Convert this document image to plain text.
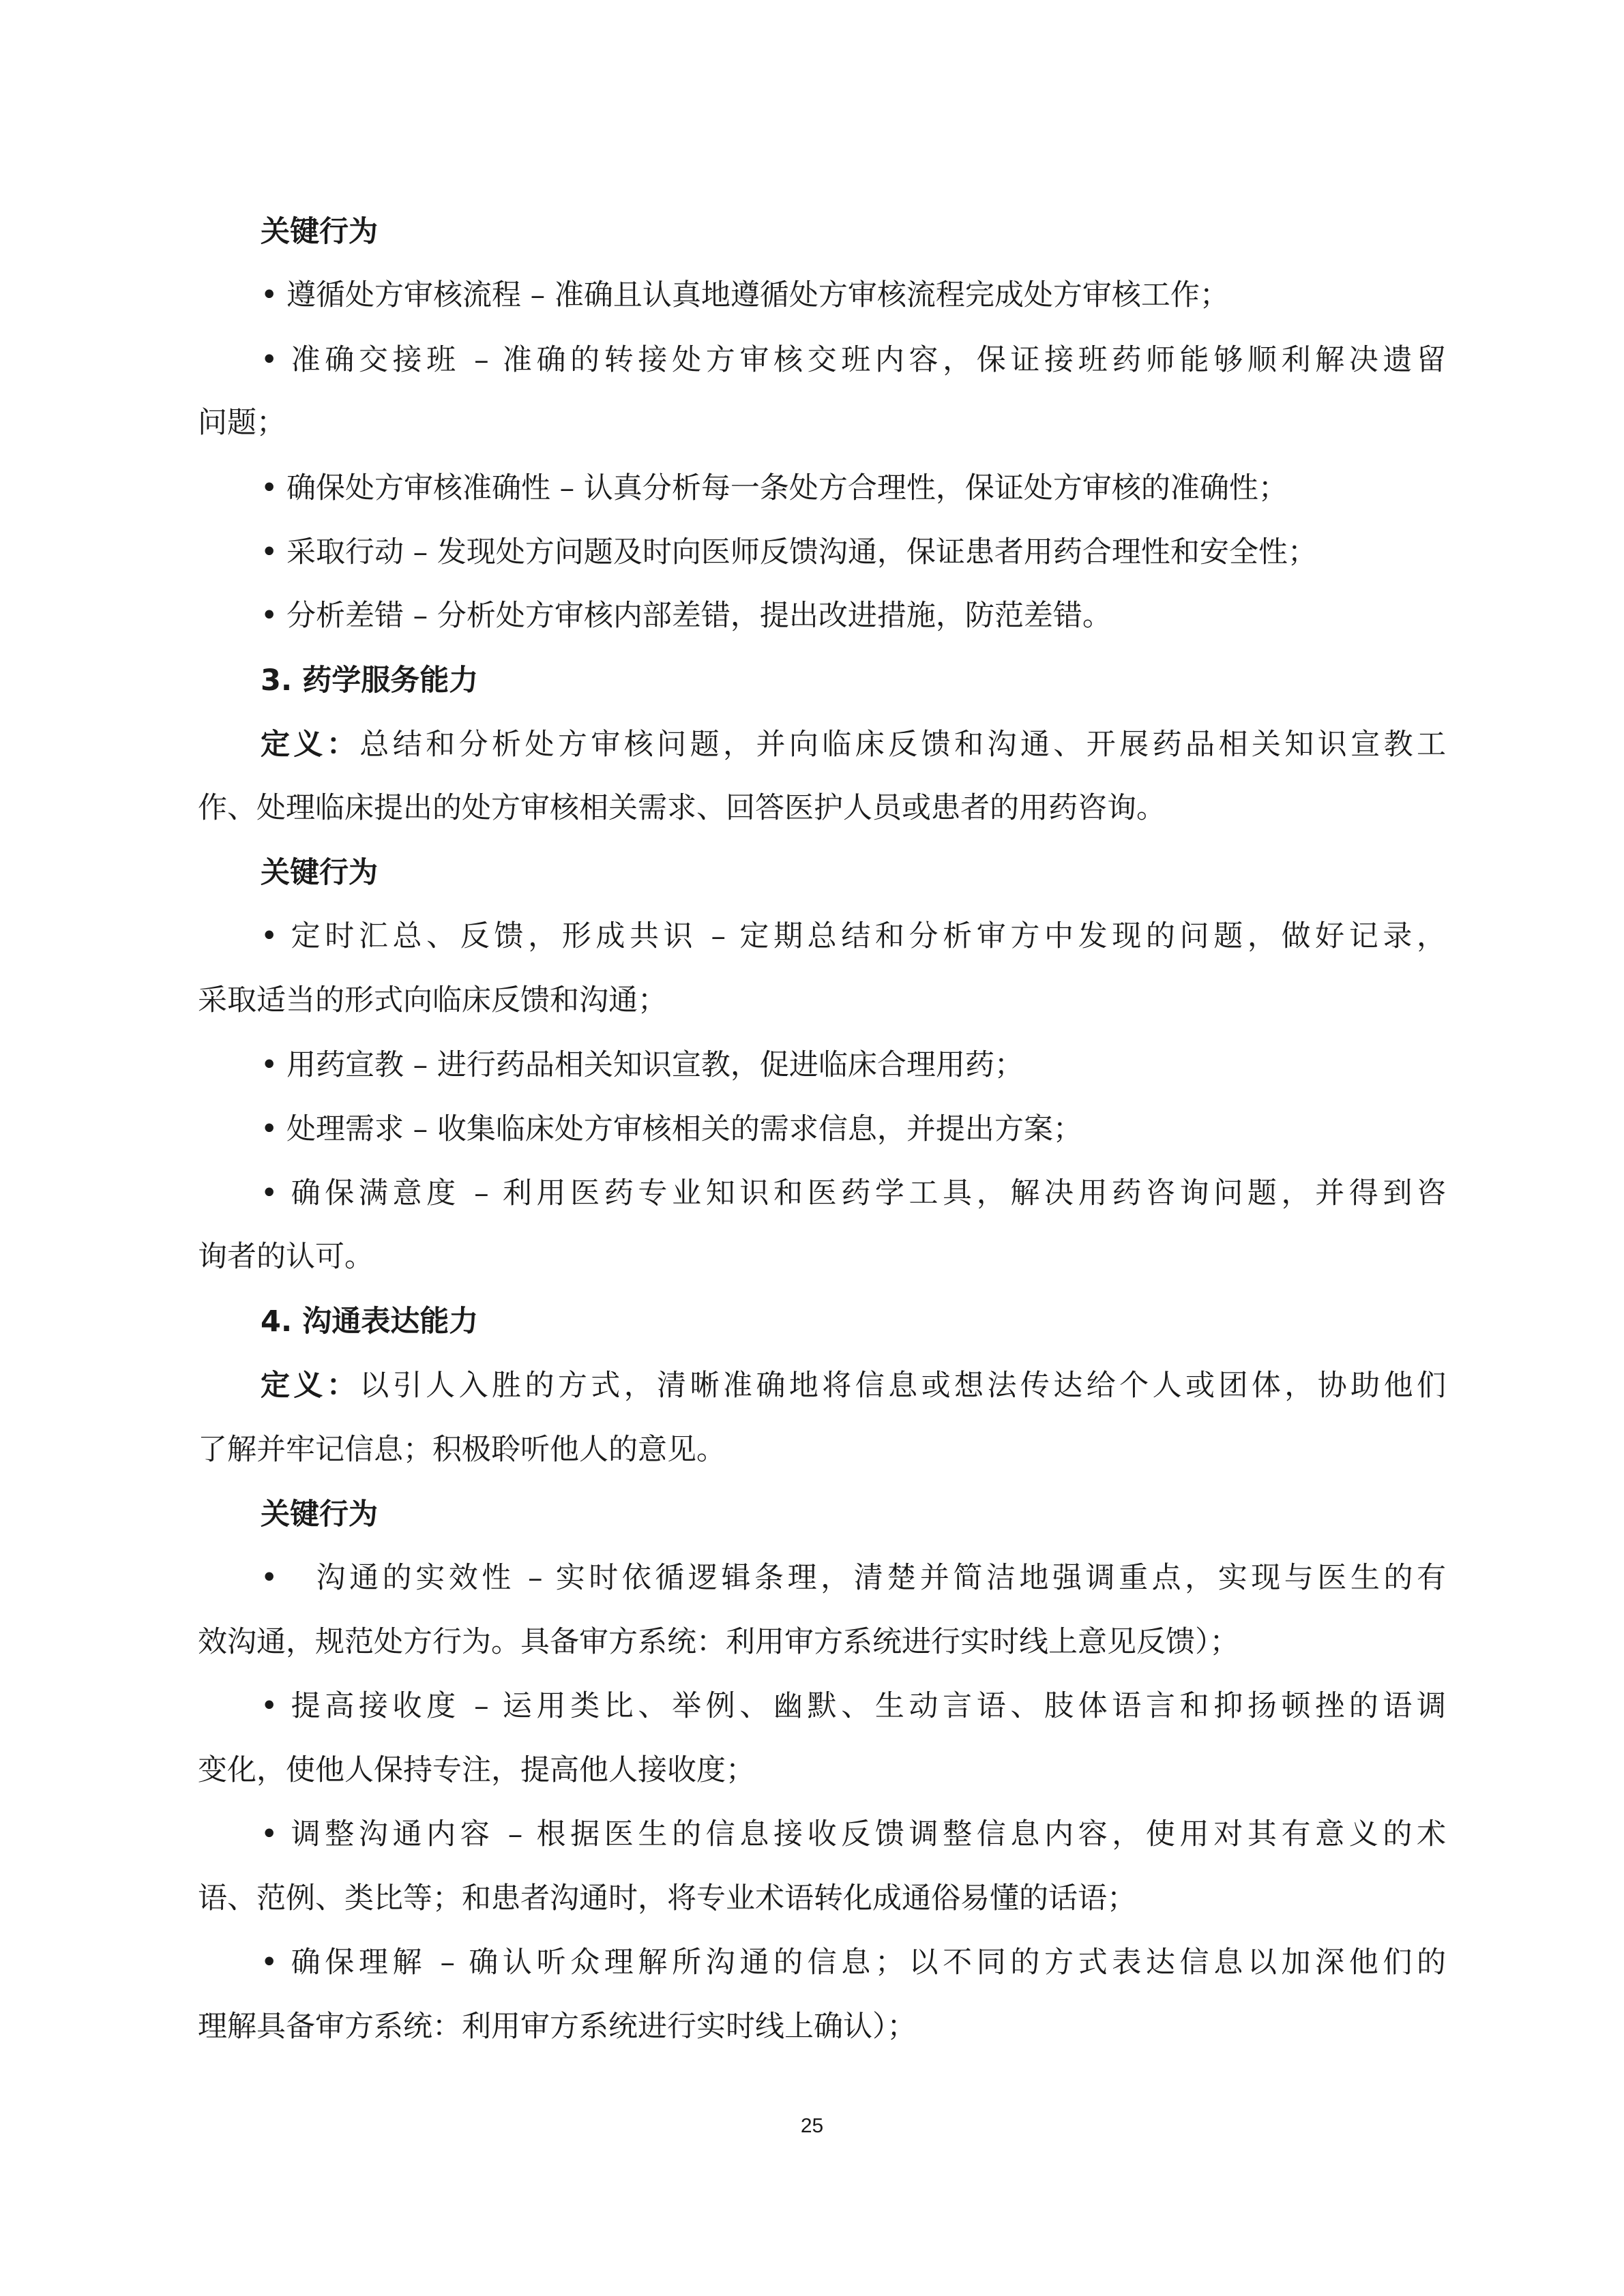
关键行为
• 遵循处方审核流程 – 准确且认真地遵循处方审核流程完成处方审核工作；
• 准确交接班 – 准确的转接处方审核交班内容，保证接班药师能够顺利解决遗留
问题；
• 确保处方审核准确性 – 认真分析每一条处方合理性，保证处方审核的准确性；
• 采取行动 – 发现处方问题及时向医师反馈沟通，保证患者用药合理性和安全性；
• 分析差错 – 分析处方审核内部差错，提出改进措施，防范差错。
3. 药学服务能力
定义：总结和分析处方审核问题，并向临床反馈和沟通、开展药品相关知识宣教工
作、处理临床提出的处方审核相关需求、回答医护人员或患者的用药咨询。
关键行为
• 定时汇总、反馈，形成共识 – 定期总结和分析审方中发现的问题，做好记录，
采取适当的形式向临床反馈和沟通；
• 用药宣教 – 进行药品相关知识宣教，促进临床合理用药；
• 处理需求 – 收集临床处方审核相关的需求信息，并提出方案；
• 确保满意度 – 利用医药专业知识和医药学工具，解决用药咨询问题，并得到咨
询者的认可。
4. 沟通表达能力
定义：以引人入胜的方式，清晰准确地将信息或想法传达给个人或团体，协助他们
了解并牢记信息；积极聆听他人的意见。
关键行为
• 沟通的实效性 – 实时依循逻辑条理，清楚并简洁地强调重点，实现与医生的有
效沟通，规范处方行为。具备审方系统：利用审方系统进行实时线上意见反馈）；
• 提高接收度 – 运用类比、举例、幽默、生动言语、肢体语言和抑扬顿挫的语调
变化，使他人保持专注，提高他人接收度；
• 调整沟通内容 – 根据医生的信息接收反馈调整信息内容，使用对其有意义的术
语、范例、类比等；和患者沟通时，将专业术语转化成通俗易懂的话语；
• 确保理解 – 确认听众理解所沟通的信息；以不同的方式表达信息以加深他们的
理解具备审方系统：利用审方系统进行实时线上确认）；
25
